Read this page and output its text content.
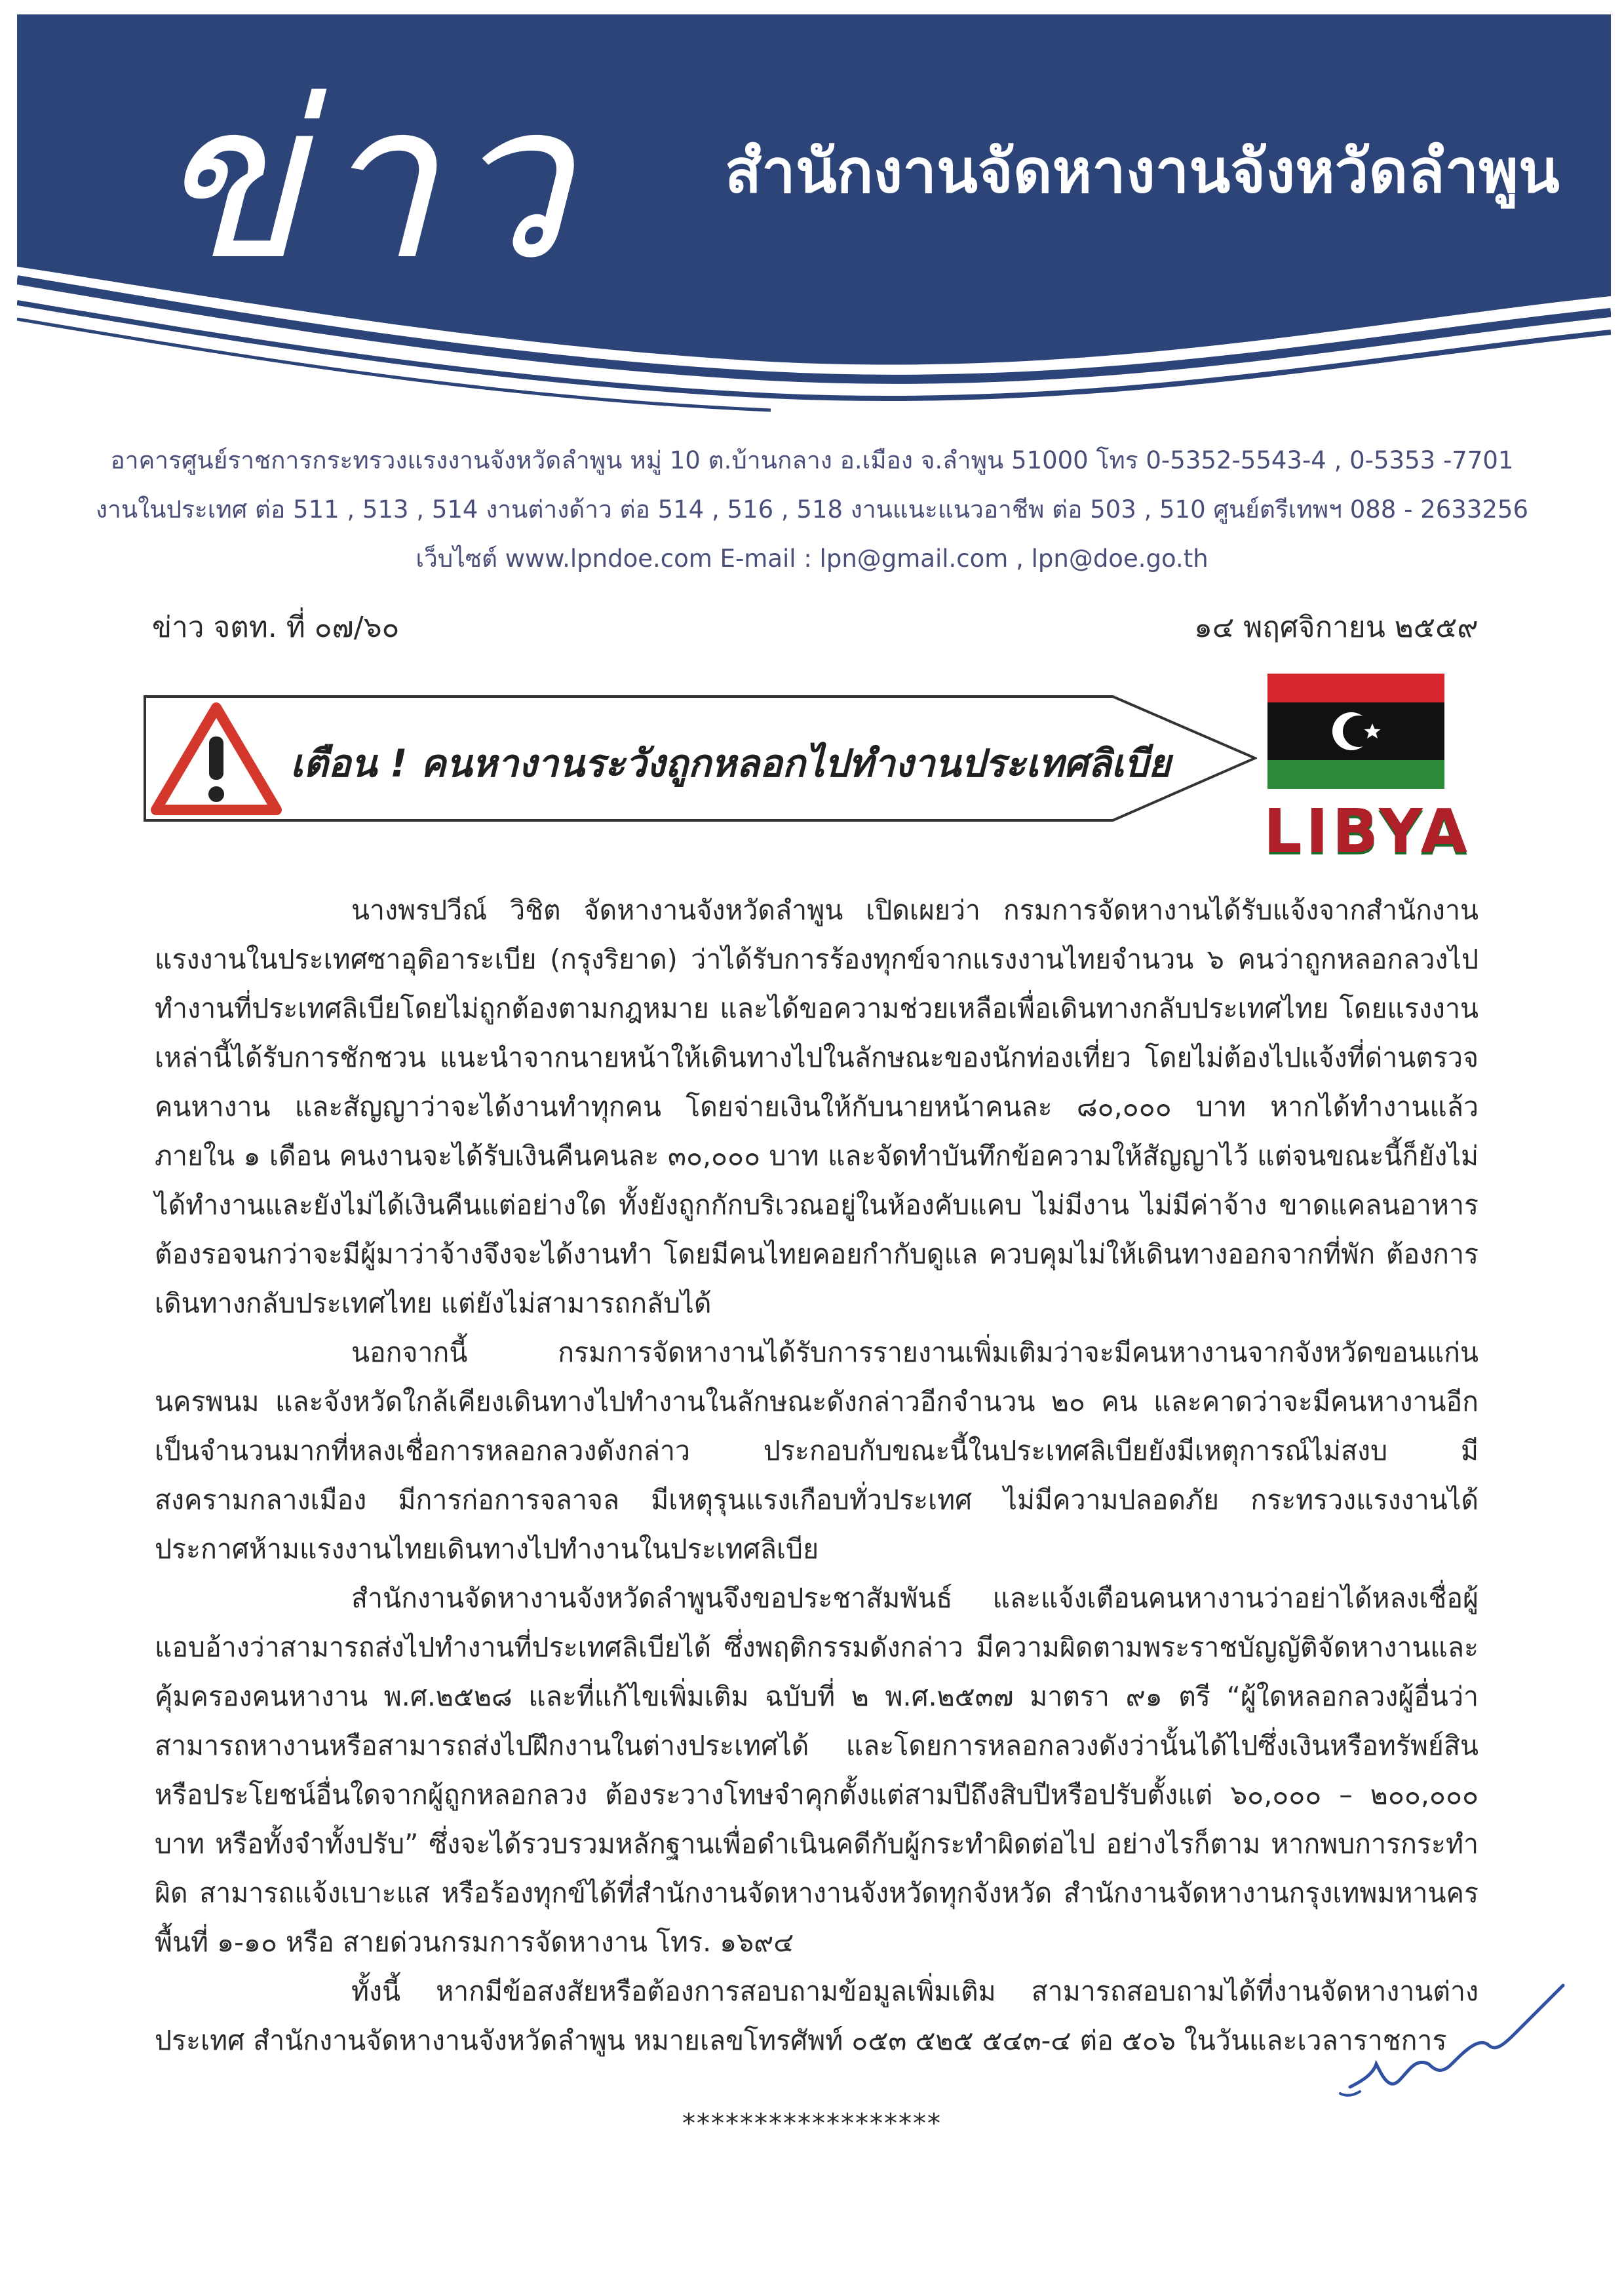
ข่าว สำนักงานจัดหางานจังหวัดลำพูน
อาคารศูนย์ราชการกระทรวงแรงงานจังหวัดลำพูน หมู่ 10 ต.บ้านกลาง อ.เมือง จ.ลำพูน 51000 โทร 0-5352-5543-4 , 0-5353 -7701
งานในประเทศ ต่อ 511 , 513 , 514 งานต่างด้าว ต่อ 514 , 516 , 518 งานแนะแนวอาชีพ ต่อ 503 , 510 ศูนย์ตรีเทพฯ 088 - 2633256
เว็บไซต์ www.lpndoe.com E-mail : lpn@gmail.com , lpn@doe.go.th
ข่าว จตท. ที่ ๐๗/๖๐	๑๔ พฤศจิกายน ๒๕๕๙
เตือน ! คนหางานระวังถูกหลอกไปทำงานประเทศลิเบีย
LIBYA

นางพรปวีณ์ วิชิต จัดหางานจังหวัดลำพูน เปิดเผยว่า กรมการจัดหางานได้รับแจ้งจากสำนักงานแรงงานในประเทศซาอุดิอาระเบีย (กรุงริยาด) ว่าได้รับการร้องทุกข์จากแรงงานไทยจำนวน ๖ คนว่าถูกหลอกลวงไปทำงานที่ประเทศลิเบียโดยไม่ถูกต้องตามกฎหมาย และได้ขอความช่วยเหลือเพื่อเดินทางกลับประเทศไทย โดยแรงงานเหล่านี้ได้รับการชักชวน แนะนำจากนายหน้าให้เดินทางไปในลักษณะของนักท่องเที่ยว โดยไม่ต้องไปแจ้งที่ด่านตรวจคนหางาน และสัญญาว่าจะได้งานทำทุกคน โดยจ่ายเงินให้กับนายหน้าคนละ ๘๐,๐๐๐ บาท หากได้ทำงานแล้วภายใน ๑ เดือน คนงานจะได้รับเงินคืนคนละ ๓๐,๐๐๐ บาท และจัดทำบันทึกข้อความให้สัญญาไว้ แต่จนขณะนี้ก็ยังไม่ได้ทำงานและยังไม่ได้เงินคืนแต่อย่างใด ทั้งยังถูกกักบริเวณอยู่ในห้องคับแคบ ไม่มีงาน ไม่มีค่าจ้าง ขาดแคลนอาหาร ต้องรอจนกว่าจะมีผู้มาว่าจ้างจึงจะได้งานทำ โดยมีคนไทยคอยกำกับดูแล ควบคุมไม่ให้เดินทางออกจากที่พัก ต้องการเดินทางกลับประเทศไทย แต่ยังไม่สามารถกลับได้

นอกจากนี้ กรมการจัดหางานได้รับการรายงานเพิ่มเติมว่าจะมีคนหางานจากจังหวัดขอนแก่น นครพนม และจังหวัดใกล้เคียงเดินทางไปทำงานในลักษณะดังกล่าวอีกจำนวน ๒๐ คน และคาดว่าจะมีคนหางานอีกเป็นจำนวนมากที่หลงเชื่อการหลอกลวงดังกล่าว ประกอบกับขณะนี้ในประเทศลิเบียยังมีเหตุการณ์ไม่สงบ มีสงครามกลางเมือง มีการก่อการจลาจล มีเหตุรุนแรงเกือบทั่วประเทศ ไม่มีความปลอดภัย กระทรวงแรงงานได้ประกาศห้ามแรงงานไทยเดินทางไปทำงานในประเทศลิเบีย

สำนักงานจัดหางานจังหวัดลำพูนจึงขอประชาสัมพันธ์ และแจ้งเตือนคนหางานว่าอย่าได้หลงเชื่อผู้แอบอ้างว่าสามารถส่งไปทำงานที่ประเทศลิเบียได้ ซึ่งพฤติกรรมดังกล่าว มีความผิดตามพระราชบัญญัติจัดหางานและคุ้มครองคนหางาน พ.ศ.๒๕๒๘ และที่แก้ไขเพิ่มเติม ฉบับที่ ๒ พ.ศ.๒๕๓๗ มาตรา ๙๑ ตรี “ผู้ใดหลอกลวงผู้อื่นว่าสามารถหางานหรือสามารถส่งไปฝึกงานในต่างประเทศได้ และโดยการหลอกลวงดังว่านั้นได้ไปซึ่งเงินหรือทรัพย์สินหรือประโยชน์อื่นใดจากผู้ถูกหลอกลวง ต้องระวางโทษจำคุกตั้งแต่สามปีถึงสิบปีหรือปรับตั้งแต่ ๖๐,๐๐๐ – ๒๐๐,๐๐๐ บาท หรือทั้งจำทั้งปรับ” ซึ่งจะได้รวบรวมหลักฐานเพื่อดำเนินคดีกับผู้กระทำผิดต่อไป อย่างไรก็ตาม หากพบการกระทำผิด สามารถแจ้งเบาะแส หรือร้องทุกข์ได้ที่สำนักงานจัดหางานจังหวัดทุกจังหวัด สำนักงานจัดหางานกรุงเทพมหานคร พื้นที่ ๑-๑๐ หรือ สายด่วนกรมการจัดหางาน โทร. ๑๖๙๔

ทั้งนี้ หากมีข้อสงสัยหรือต้องการสอบถามข้อมูลเพิ่มเติม สามารถสอบถามได้ที่งานจัดหางานต่างประเทศ สำนักงานจัดหางานจังหวัดลำพูน หมายเลขโทรศัพท์ ๐๕๓ ๕๒๕ ๕๔๓-๔ ต่อ ๕๐๖ ในวันและเวลาราชการ

******************
